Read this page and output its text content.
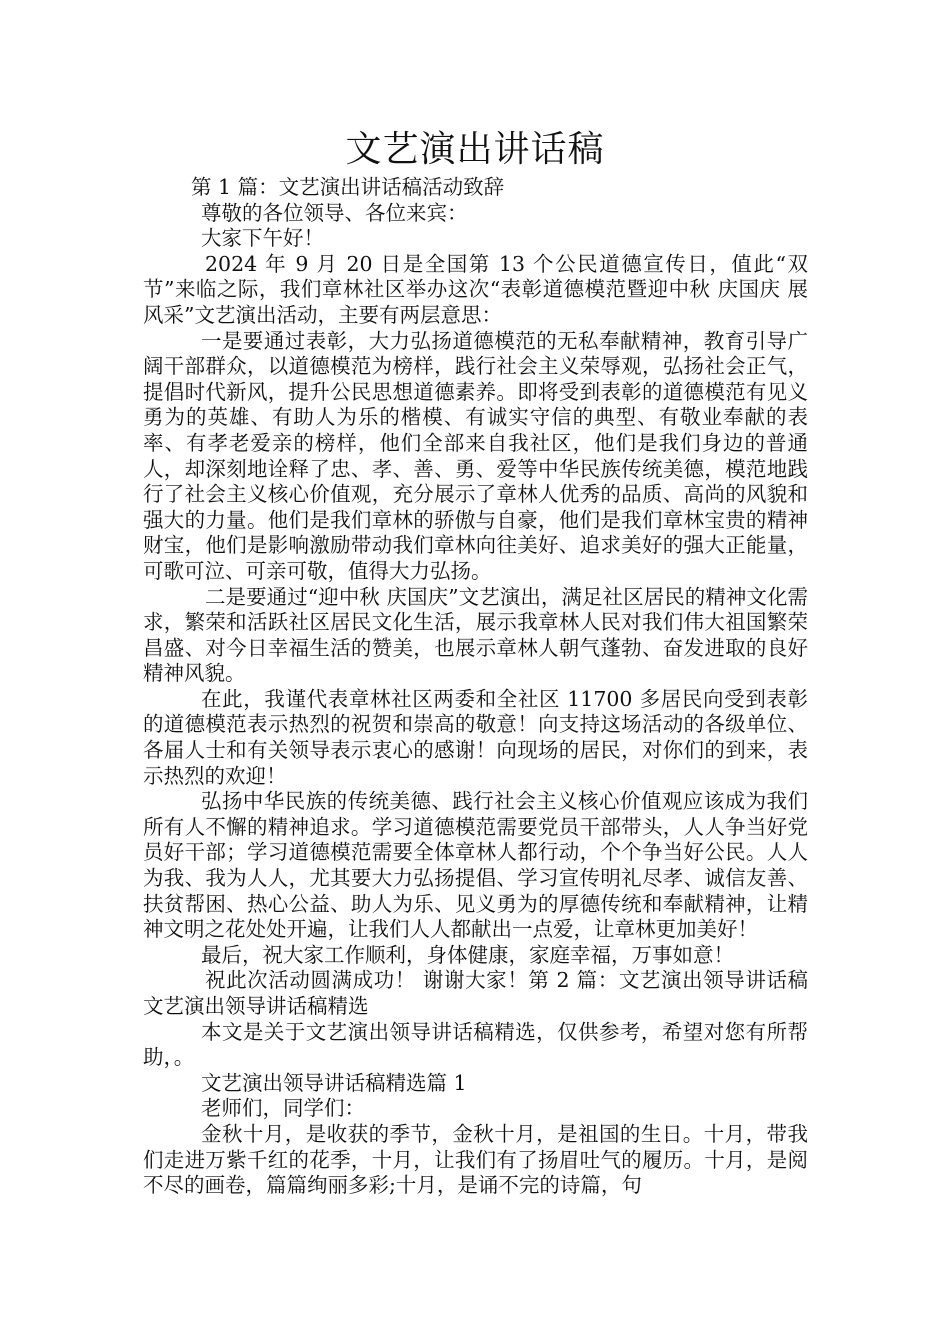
文艺演出讲话稿

第 1 篇：文艺演出讲话稿活动致辞

尊敬的各位领导、各位来宾：

大家下午好！

2024 年 9 月 20 日是全国第 13 个公民道德宣传日，值此“双节”来临之际，我们章林社区举办这次“表彰道德模范暨迎中秋 庆国庆 展风采”文艺演出活动，主要有两层意思：

一是要通过表彰，大力弘扬道德模范的无私奉献精神，教育引导广阔干部群众，以道德模范为榜样，践行社会主义荣辱观，弘扬社会正气，提倡时代新风，提升公民思想道德素养。即将受到表彰的道德模范有见义勇为的英雄、有助人为乐的楷模、有诚实守信的典型、有敬业奉献的表率、有孝老爱亲的榜样，他们全部来自我社区，他们是我们身边的普通人，却深刻地诠释了忠、孝、善、勇、爱等中华民族传统美德，模范地践行了社会主义核心价值观，充分展示了章林人优秀的品质、高尚的风貌和强大的力量。他们是我们章林的骄傲与自豪，他们是我们章林宝贵的精神财宝，他们是影响激励带动我们章林向往美好、追求美好的强大正能量，可歌可泣、可亲可敬，值得大力弘扬。

二是要通过“迎中秋 庆国庆”文艺演出，满足社区居民的精神文化需求，繁荣和活跃社区居民文化生活，展示我章林人民对我们伟大祖国繁荣昌盛、对今日幸福生活的赞美，也展示章林人朝气蓬勃、奋发进取的良好精神风貌。

在此，我谨代表章林社区两委和全社区 11700 多居民向受到表彰的道德模范表示热烈的祝贺和崇高的敬意！向支持这场活动的各级单位、各届人士和有关领导表示衷心的感谢！向现场的居民，对你们的到来，表示热烈的欢迎！

弘扬中华民族的传统美德、践行社会主义核心价值观应该成为我们所有人不懈的精神追求。学习道德模范需要党员干部带头，人人争当好党员好干部；学习道德模范需要全体章林人都行动，个个争当好公民。人人为我、我为人人，尤其要大力弘扬提倡、学习宣传明礼尽孝、诚信友善、扶贫帮困、热心公益、助人为乐、见义勇为的厚德传统和奉献精神，让精神文明之花处处开遍，让我们人人都献出一点爱，让章林更加美好！

最后，祝大家工作顺利，身体健康，家庭幸福，万事如意！

祝此次活动圆满成功！ 谢谢大家！第 2 篇：文艺演出领导讲话稿文艺演出领导讲话稿精选

本文是关于文艺演出领导讲话稿精选，仅供参考，希望对您有所帮助，。

文艺演出领导讲话稿精选篇 1

老师们，同学们：

金秋十月，是收获的季节，金秋十月，是祖国的生日。十月，带我们走进万紫千红的花季，十月，让我们有了扬眉吐气的履历。十月，是阅不尽的画卷，篇篇绚丽多彩;十月，是诵不完的诗篇，句
